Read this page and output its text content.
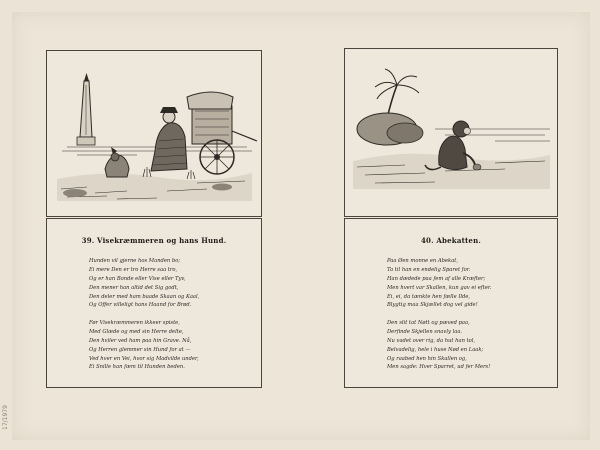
39. Visekræmmeren og hans Hund.
Hunden vil gjerne hos Manden bo;
Ei mere Den er tro Herre saa tro,
Og er han Bonde eller Vise eller Tyv,
Den mener han altid det Sig godt,
Den deler med ham baade Skaan og Kaal,
Og Offer villeligt hans Haand for Brød.
Før Visekræmmeren ikkeer spiste,
Med Glæde og med sin Herre delte,
Den hviler ved ham paa hin Grave. Nå,
Og Herren glemmer sin Hund for at —
Ved hver en Vei, hvor sig Madvilde under,
Ei Snille han fæm til Hunden beden.
40. Abekatten.
Paa Øen monne en Abekat,
Ta til han en endelig Sparet for.
Han dædede paa fem af alle Kræfter;
Men hvert var Skallen, kun gav ei efter.
Ei, ei, da tænkte hen fælle Ilde,
Blygtig maa Skjællet dog vel gide!
Den slit tat Nøtt og pæved paa,
Derfinde Skjellen snavly laa.
Nu vadet over rig, da hut han tol,
Belvadelig, hele i huse Nød en Laak;
Og raabed hen hin Skallen og,
Men sagde: Hver Sparret, ud fer Mers!
17/1979
